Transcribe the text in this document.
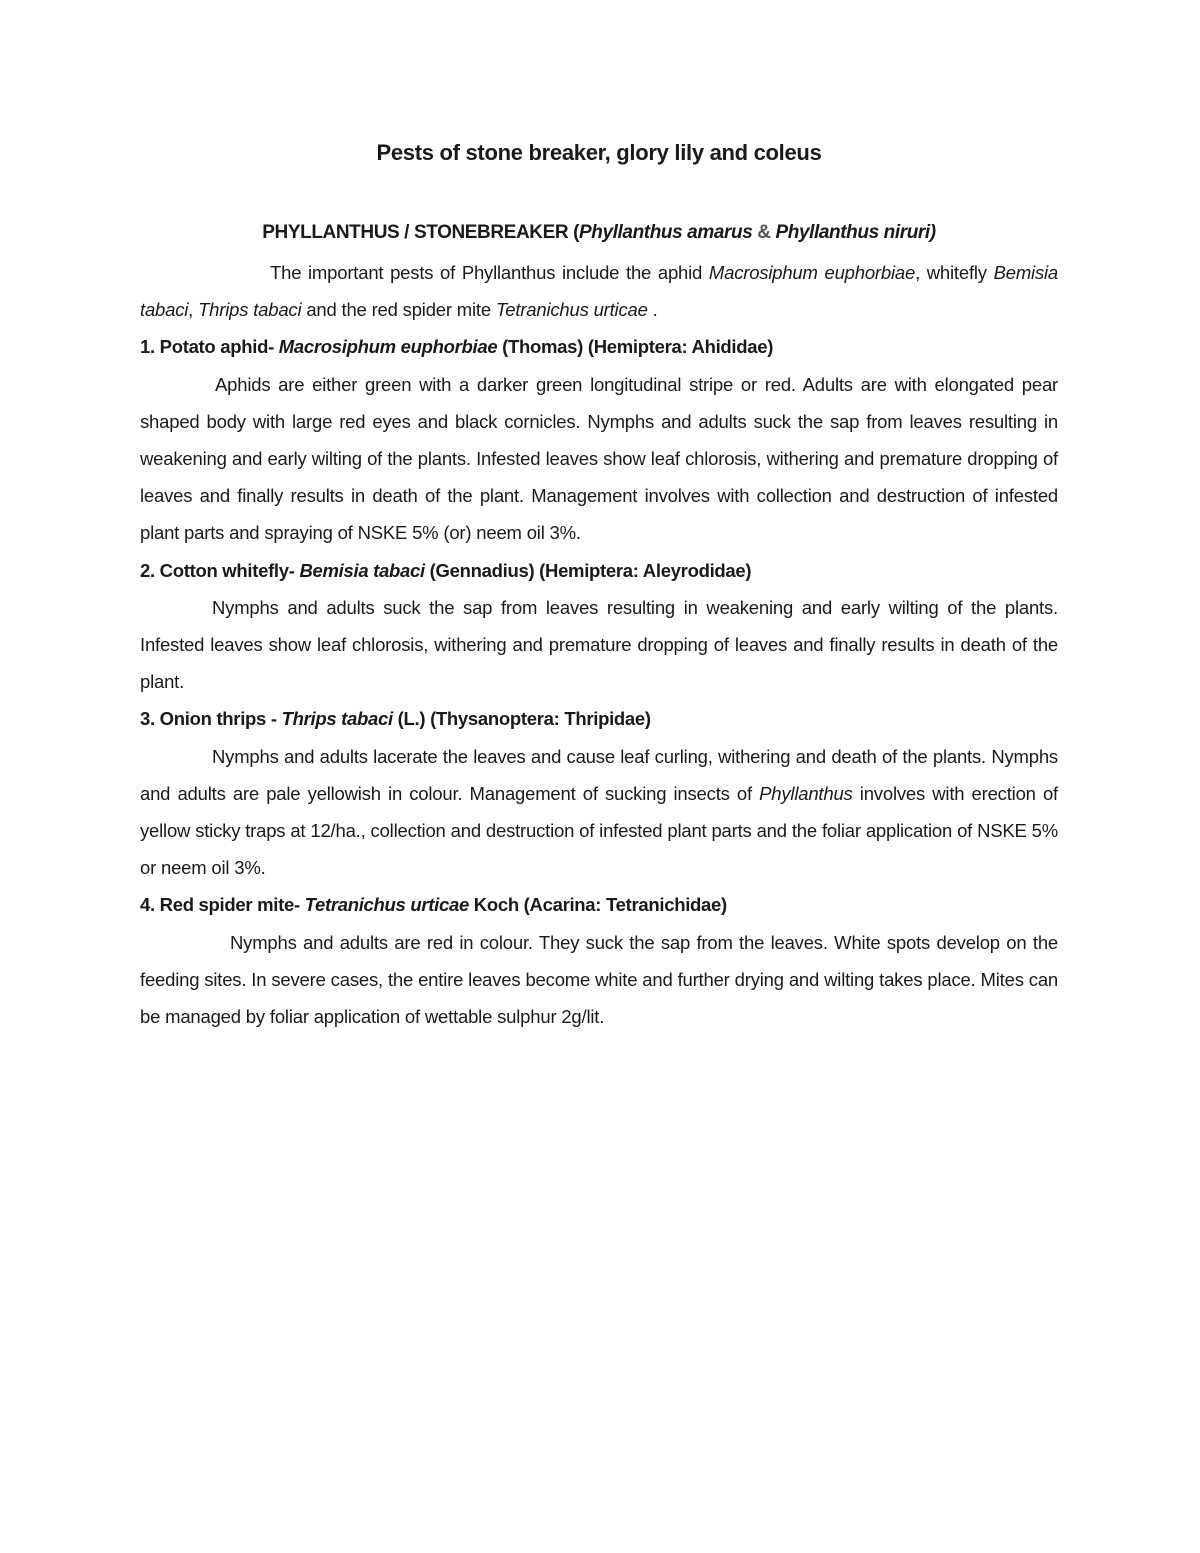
Pests of stone breaker, glory lily and coleus
PHYLLANTHUS / STONEBREAKER (Phyllanthus amarus & Phyllanthus niruri)

The important pests of Phyllanthus include the aphid Macrosiphum euphorbiae, whitefly Bemisia tabaci, Thrips tabaci and the red spider mite Tetranichus urticae .

1. Potato aphid- Macrosiphum euphorbiae (Thomas) (Hemiptera: Ahididae)

Aphids are either green with a darker green longitudinal stripe or red. Adults are with elongated pear shaped body with large red eyes and black cornicles. Nymphs and adults suck the sap from leaves resulting in weakening and early wilting of the plants. Infested leaves show leaf chlorosis, withering and premature dropping of leaves and finally results in death of the plant. Management involves with collection and destruction of infested plant parts and spraying of NSKE 5% (or) neem oil 3%.

2. Cotton whitefly- Bemisia tabaci (Gennadius) (Hemiptera: Aleyrodidae)

Nymphs and adults suck the sap from leaves resulting in weakening and early wilting of the plants. Infested leaves show leaf chlorosis, withering and premature dropping of leaves and finally results in death of the plant.

3. Onion thrips - Thrips tabaci (L.) (Thysanoptera: Thripidae)

Nymphs and adults lacerate the leaves and cause leaf curling, withering and death of the plants. Nymphs and adults are pale yellowish in colour. Management of sucking insects of Phyllanthus involves with erection of yellow sticky traps at 12/ha., collection and destruction of infested plant parts and the foliar application of NSKE 5% or neem oil 3%.

4. Red spider mite- Tetranichus urticae Koch (Acarina: Tetranichidae)

Nymphs and adults are red in colour. They suck the sap from the leaves. White spots develop on the feeding sites. In severe cases, the entire leaves become white and further drying and wilting takes place. Mites can be managed by foliar application of wettable sulphur 2g/lit.
